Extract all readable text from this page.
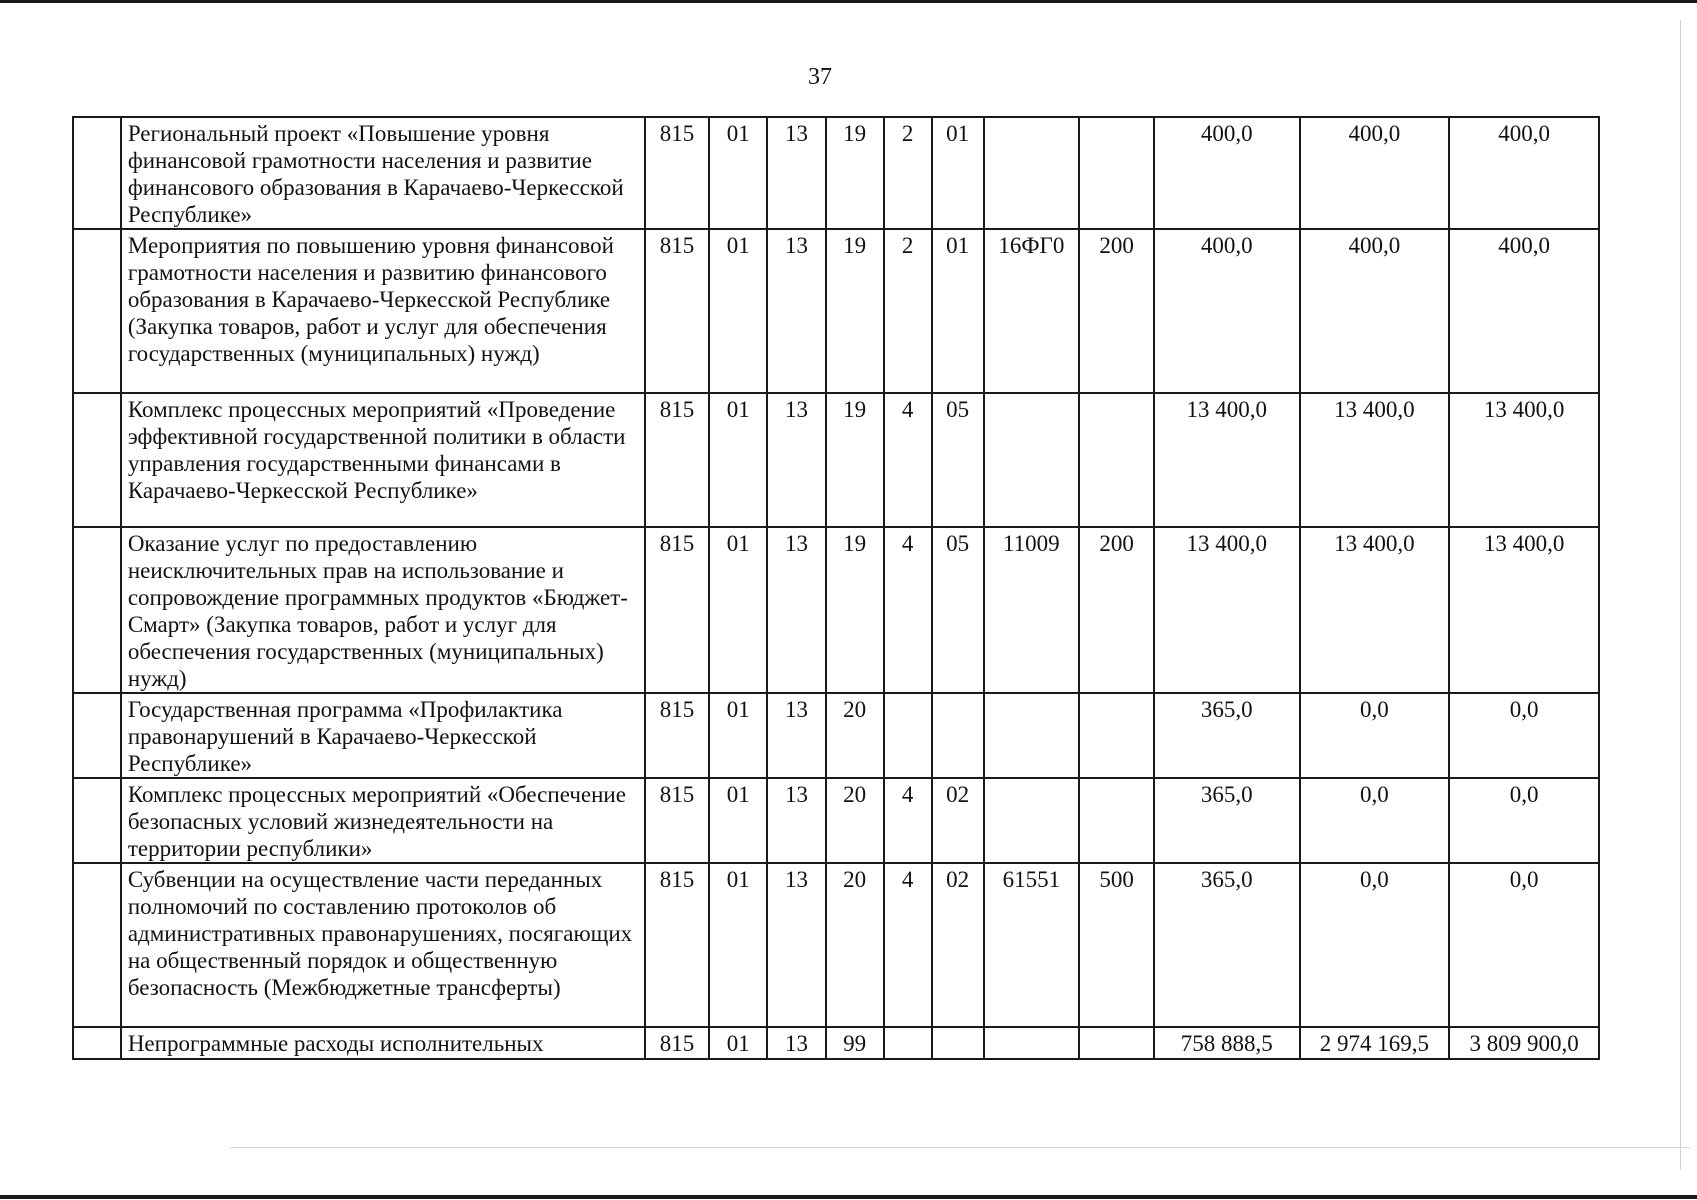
37
	Региональный проект «Повышение уровня финансовой грамотности населения и развитие финансового образования в Карачаево-Черкесской Республике»	815	01	13	19	2	01			400,0	400,0	400,0
	Мероприятия по повышению уровня финансовой грамотности населения и развитию финансового образования в Карачаево-Черкесской Республике (Закупка товаров, работ и услуг для обеспечения государственных (муниципальных) нужд)	815	01	13	19	2	01	16ФГ0	200	400,0	400,0	400,0
	Комплекс процессных мероприятий «Проведение эффективной государственной политики в области управления государственными финансами в Карачаево-Черкесской Республике»	815	01	13	19	4	05			13 400,0	13 400,0	13 400,0
	Оказание услуг по предоставлению неисключительных прав на использование и сопровождение программных продуктов «Бюджет-Смарт» (Закупка товаров, работ и услуг для обеспечения государственных (муниципальных) нужд)	815	01	13	19	4	05	11009	200	13 400,0	13 400,0	13 400,0
	Государственная программа «Профилактика правонарушений в Карачаево-Черкесской Республике»	815	01	13	20					365,0	0,0	0,0
	Комплекс процессных мероприятий «Обеспечение безопасных условий жизнедеятельности на территории республики»	815	01	13	20	4	02			365,0	0,0	0,0
	Субвенции на осуществление части переданных полномочий по составлению протоколов об административных правонарушениях, посягающих на общественный порядок и общественную безопасность (Межбюджетные трансферты)	815	01	13	20	4	02	61551	500	365,0	0,0	0,0
	Непрограммные расходы исполнительных	815	01	13	99					758 888,5	2 974 169,5	3 809 900,0
